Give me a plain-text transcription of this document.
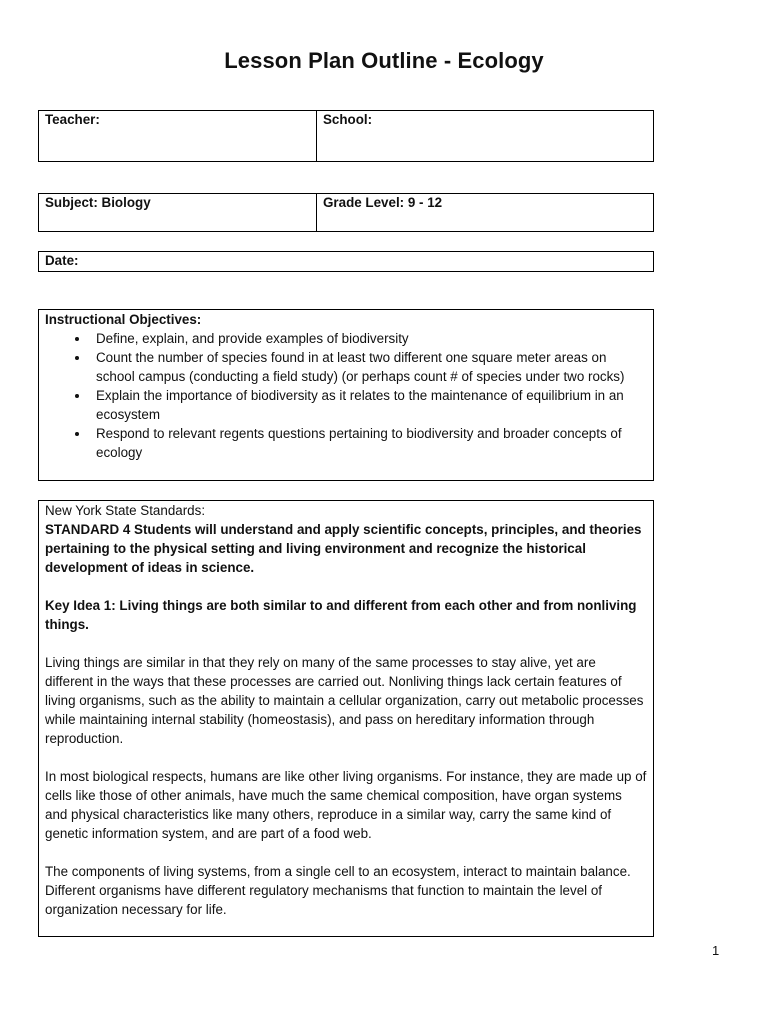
Lesson Plan Outline - Ecology
Teacher:	School:
Subject: Biology	Grade Level: 9 - 12
Date:
Instructional Objectives:
• Define, explain, and provide examples of biodiversity
• Count the number of species found in at least two different one square meter areas on school campus (conducting a field study) (or perhaps count # of species under two rocks)
• Explain the importance of biodiversity as it relates to the maintenance of equilibrium in an ecosystem
• Respond to relevant regents questions pertaining to biodiversity and broader concepts of ecology

New York State Standards:

STANDARD 4 Students will understand and apply scientific concepts, principles, and theories pertaining to the physical setting and living environment and recognize the historical development of ideas in science.

Key Idea 1: Living things are both similar to and different from each other and from nonliving things.

Living things are similar in that they rely on many of the same processes to stay alive, yet are different in the ways that these processes are carried out. Nonliving things lack certain features of living organisms, such as the ability to maintain a cellular organization, carry out metabolic processes while maintaining internal stability (homeostasis), and pass on hereditary information through reproduction.

In most biological respects, humans are like other living organisms. For instance, they are made up of cells like those of other animals, have much the same chemical composition, have organ systems and physical characteristics like many others, reproduce in a similar way, carry the same kind of genetic information system, and are part of a food web.

The components of living systems, from a single cell to an ecosystem, interact to maintain balance. Different organisms have different regulatory mechanisms that function to maintain the level of organization necessary for life.

1
